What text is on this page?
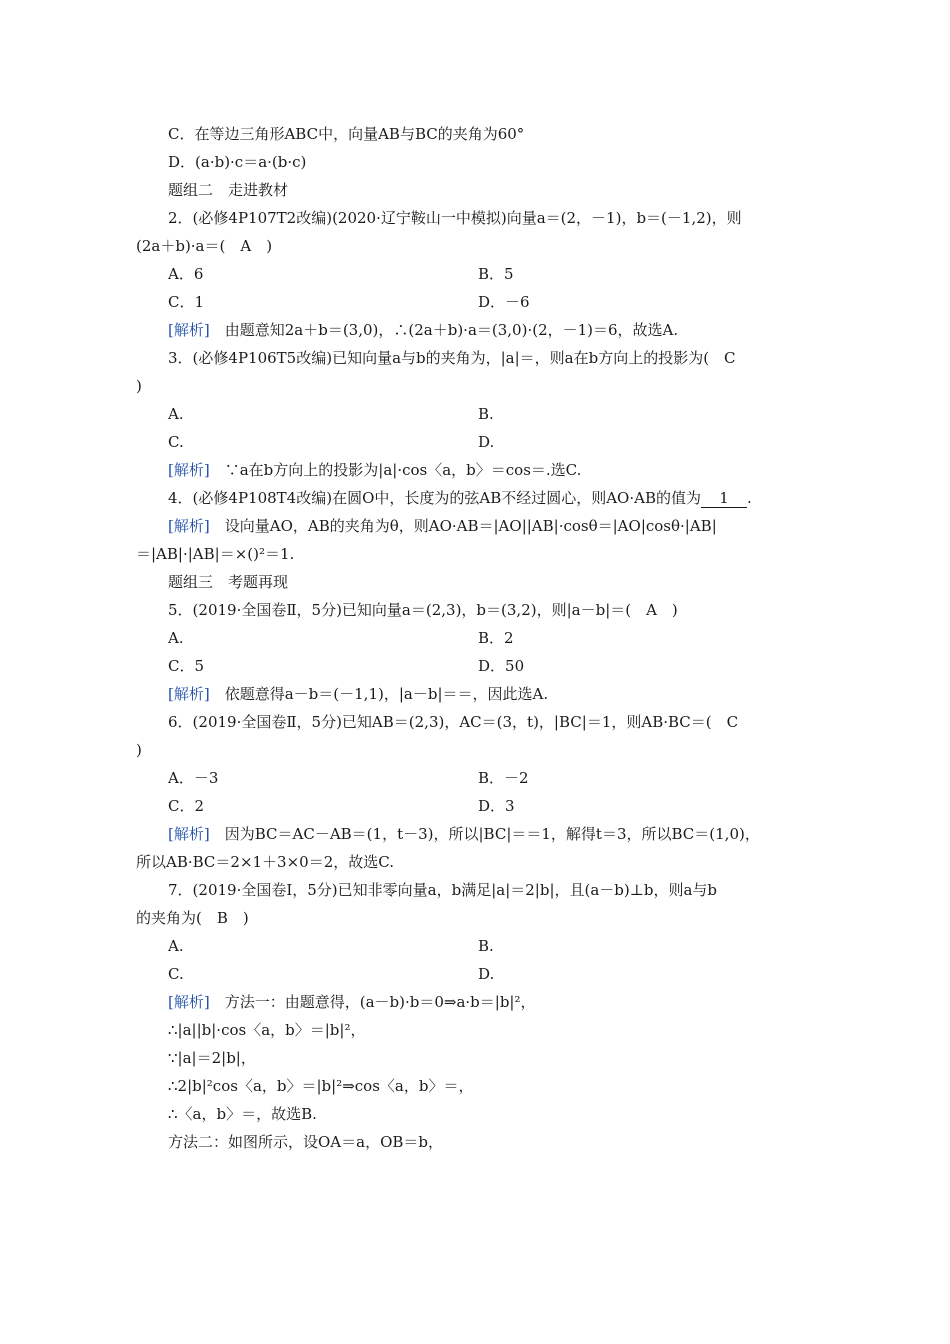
C．在等边三角形ABC中，向量AB与BC的夹角为60°
D．(a·b)·c＝a·(b·c)
题组二　走进教材
2．(必修4P107T2改编)(2020·辽宁鞍山一中模拟)向量a＝(2，－1)，b＝(－1,2)，则
(2a＋b)·a＝(　A　)
A．6	B．5
C．1	D．－6
[解析]　 由题意知2a＋b＝(3,0)，∴(2a＋b)·a＝(3,0)·(2，－1)＝6，故选A.
3．(必修4P106T5改编)已知向量a与b的夹角为，|a|＝，则a在b方向上的投影为(　C
)
A.	B.
C.	D.
[解析]　 ∵a在b方向上的投影为|a|·cos〈a，b〉＝cos＝.选C.
4．(必修4P108T4改编)在圆O中，长度为的弦AB不经过圆心，则AO·AB的值为 1 .
[解析]　 设向量AO，AB的夹角为θ，则AO·AB＝|AO||AB|·cosθ＝|AO|cosθ·|AB|
＝|AB|·|AB|＝×()²＝1.
题组三　考题再现
5．(2019·全国卷Ⅱ，5分)已知向量a＝(2,3)，b＝(3,2)，则|a－b|＝(　A　)
A.	B．2
C．5	D．50
[解析]　 依题意得a－b＝(－1,1)，|a－b|＝＝，因此选A.
6．(2019·全国卷Ⅱ，5分)已知AB＝(2,3)，AC＝(3，t)，|BC|＝1，则AB·BC＝(　C
)
A．－3	B．－2
C．2	D．3
[解析]　 因为BC＝AC－AB＝(1，t－3)，所以|BC|＝＝1，解得t＝3，所以BC＝(1,0)，
所以AB·BC＝2×1＋3×0＝2，故选C.
7．(2019·全国卷Ⅰ，5分)已知非零向量a，b满足|a|＝2|b|，且(a－b)⊥b，则a与b
的夹角为(　B　)
A.	B.
C.	D.
[解析]　 方法一：由题意得，(a－b)·b＝0⇒a·b＝|b|²，
∴|a||b|·cos〈a，b〉＝|b|²，
∵|a|＝2|b|，
∴2|b|²cos〈a，b〉＝|b|²⇒cos〈a，b〉＝，
∴〈a，b〉＝，故选B.
方法二：如图所示，设OA＝a，OB＝b，
